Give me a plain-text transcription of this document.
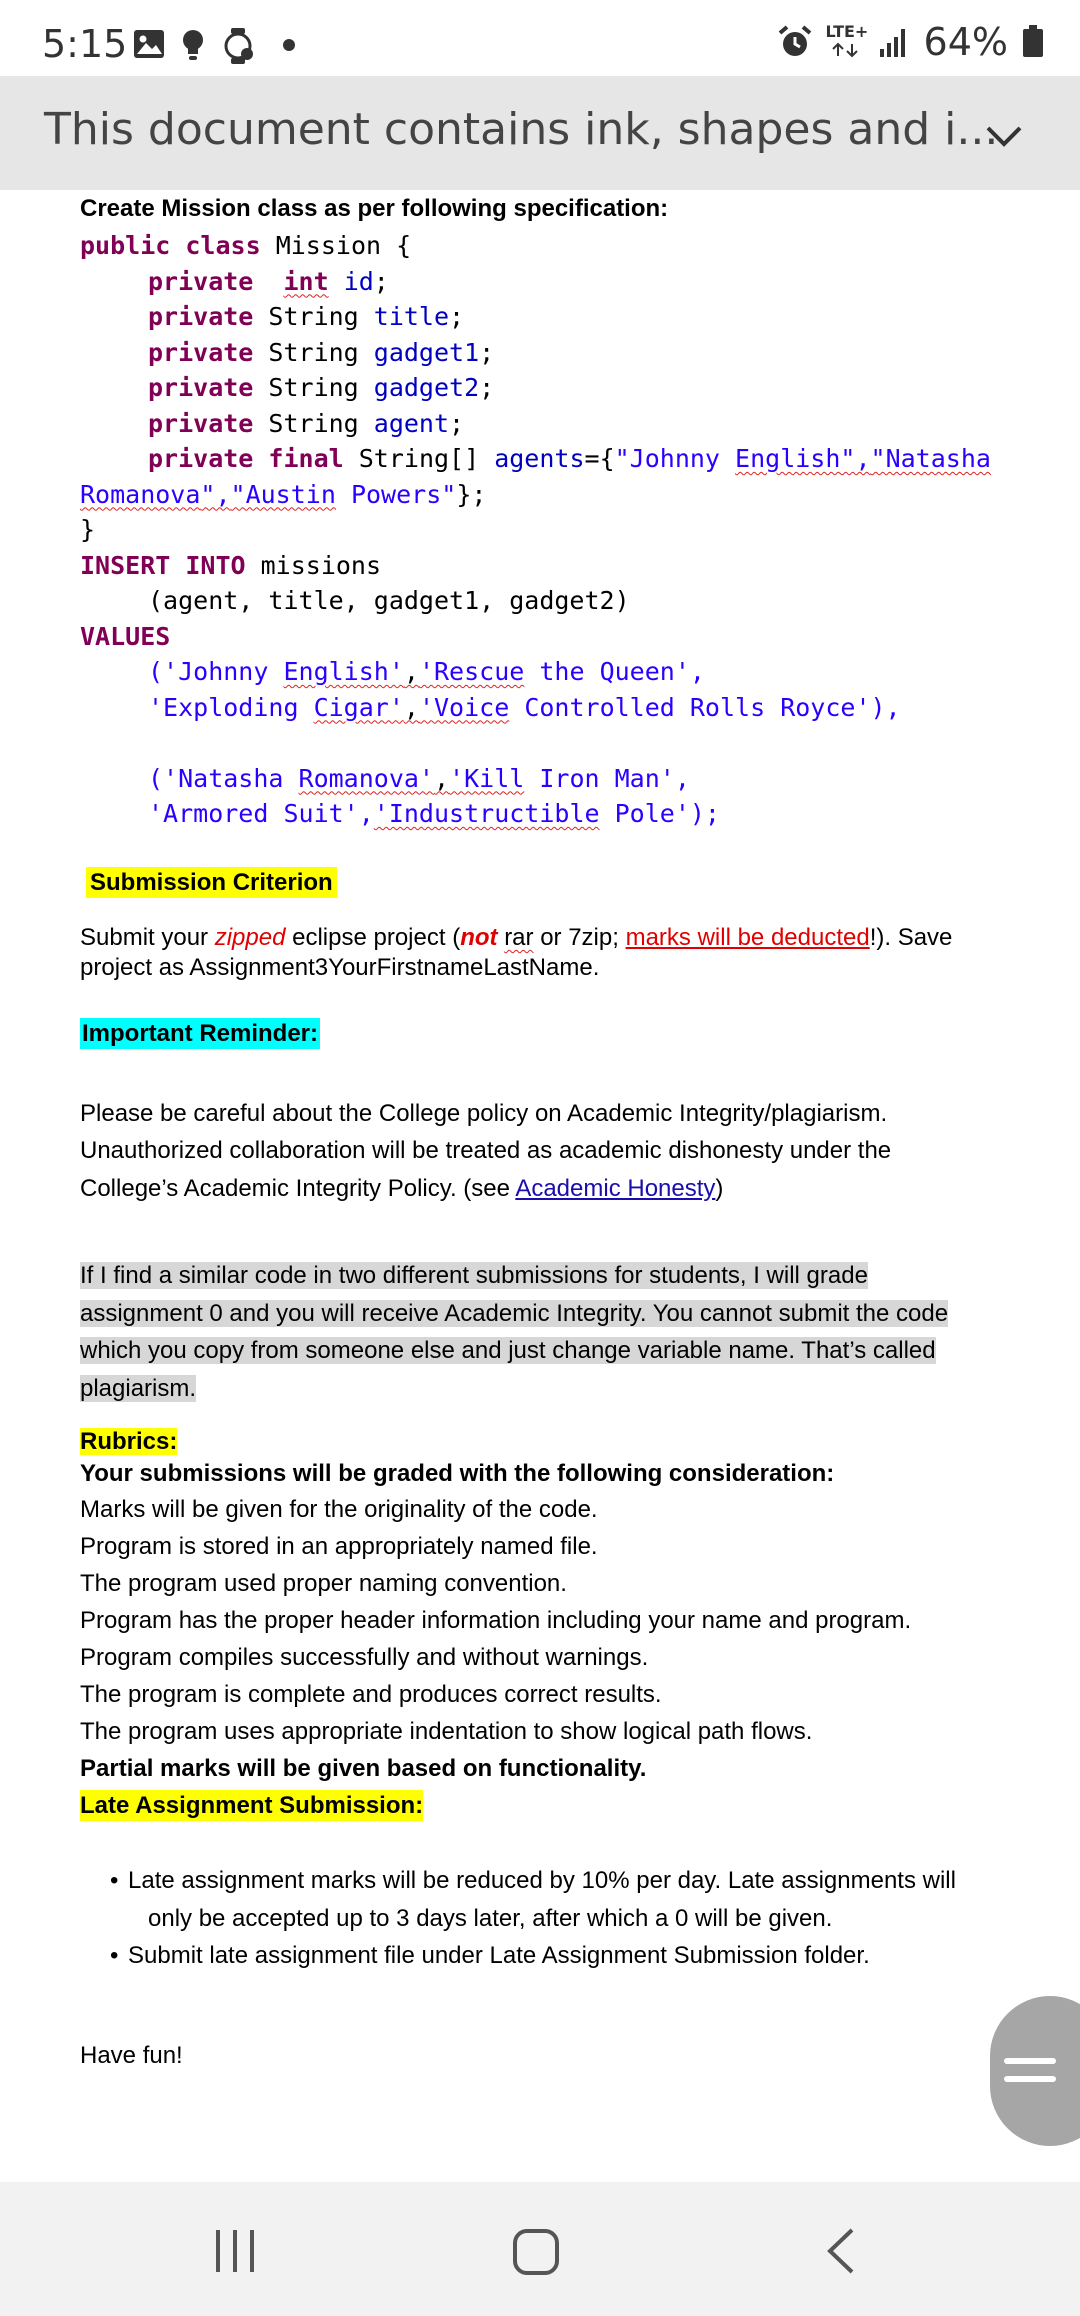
5:15	LTE+ 64%
This document contains ink, shapes and i...
Create Mission class as per following specification:
public class Mission {
private int id;
private String title;
private String gadget1;
private String gadget2;
private String agent;
private final String[] agents={"Johnny English","Natasha
Romanova","Austin Powers"};
}
INSERT INTO missions
(agent, title, gadget1, gadget2)
VALUES
('Johnny English','Rescue the Queen',
'Exploding Cigar','Voice Controlled Rolls Royce'),

('Natasha Romanova','Kill Iron Man',
'Armored Suit','Industructible Pole');
Submission Criterion
Submit your zipped eclipse project (not rar or 7zip; marks will be deducted!). Save
project as Assignment3YourFirstnameLastName.
Important Reminder:
Please be careful about the College policy on Academic Integrity/plagiarism.
Unauthorized collaboration will be treated as academic dishonesty under the
College’s Academic Integrity Policy. (see Academic Honesty)
If I find a similar code in two different submissions for students, I will grade
assignment 0 and you will receive Academic Integrity. You cannot submit the code
which you copy from someone else and just change variable name. That’s called
plagiarism.
Rubrics:
Your submissions will be graded with the following consideration:
Marks will be given for the originality of the code.
Program is stored in an appropriately named file.
The program used proper naming convention.
Program has the proper header information including your name and program.
Program compiles successfully and without warnings.
The program is complete and produces correct results.
The program uses appropriate indentation to show logical path flows.
Partial marks will be given based on functionality.
Late Assignment Submission:
• Late assignment marks will be reduced by 10% per day. Late assignments will
only be accepted up to 3 days later, after which a 0 will be given.
• Submit late assignment file under Late Assignment Submission folder.
Have fun!
